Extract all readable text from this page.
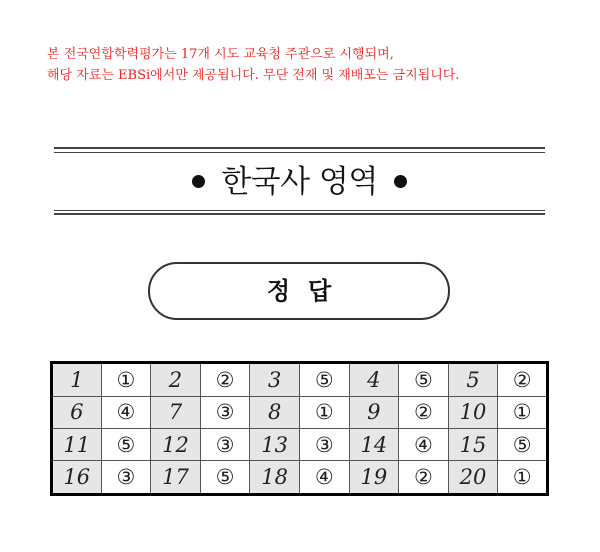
본 전국연합학력평가는 17개 시도 교육청 주관으로 시행되며,
해당 자료는 EBSi에서만 제공됩니다. 무단 전재 및 재배포는 금지됩니다.
한국사 영역
정답
1	①	2	②	3	⑤	4	⑤	5	②
6	④	7	③	8	①	9	②	10	①
11	⑤	12	③	13	③	14	④	15	⑤
16	③	17	⑤	18	④	19	②	20	①
